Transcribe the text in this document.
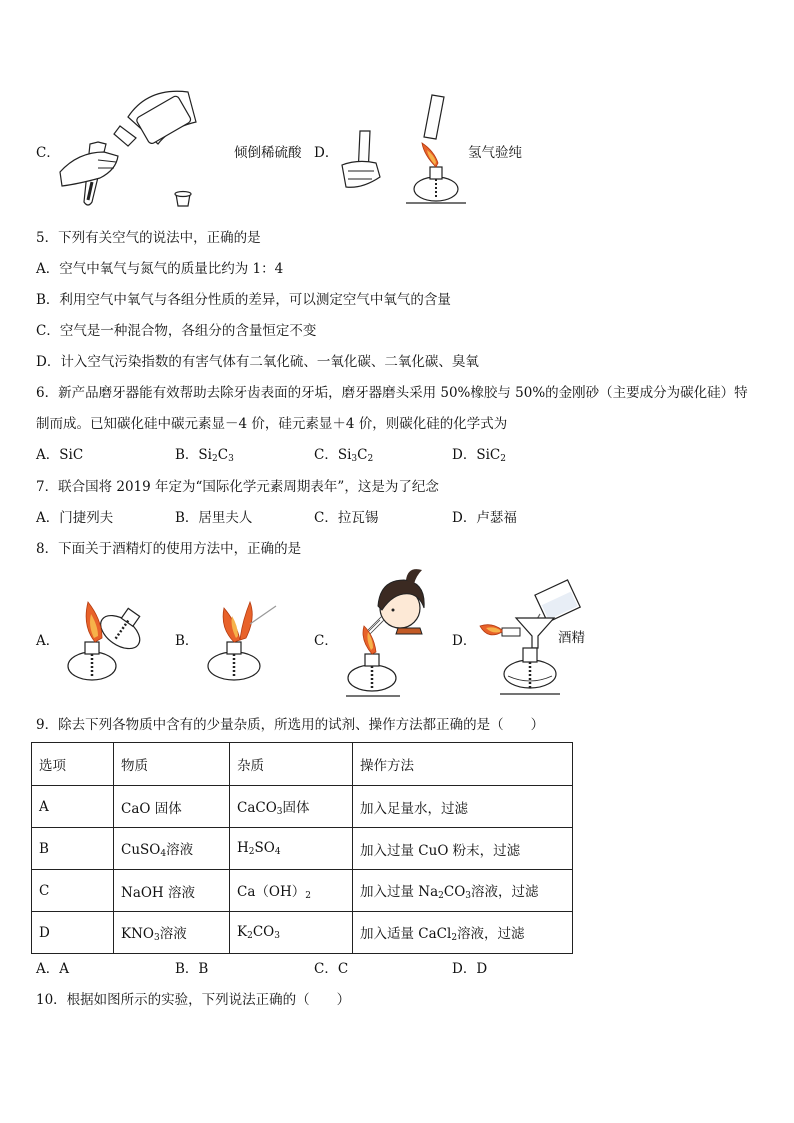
C．	倾倒稀硫酸 D．	氢气验纯
5．下列有关空气的说法中，正确的是
A．空气中氧气与氮气的质量比约为 1：4
B．利用空气中氧气与各组分性质的差异，可以测定空气中氧气的含量
C．空气是一种混合物，各组分的含量恒定不变
D．计入空气污染指数的有害气体有二氧化硫、一氧化碳、二氧化碳、臭氧
6．新产品磨牙器能有效帮助去除牙齿表面的牙垢，磨牙器磨头采用 50%橡胶与 50%的金刚砂（主要成分为碳化硅）特
制而成。已知碳化硅中碳元素显－4 价，硅元素显＋4 价，则碳化硅的化学式为
A．SiC	B．$Si_2C_3$	C．$Si_3C_2$	D．SiC$_2$
7．联合国将 2019 年定为“国际化学元素周期表年”，这是为了纪念
A．门捷列夫	B．居里夫人	C．拉瓦锡	D．卢瑟福
8．下面关于酒精灯的使用方法中，正确的是
A．	B．	C．	D．	酒精
9．除去下列各物质中含有的少量杂质，所选用的试剂、操作方法都正确的是（　　）
选项	物质	杂质	操作方法
A	CaO 固体	CaCO$_3$固体	加入足量水，过滤
B	CuSO$_4$溶液	$H_2SO_4$	加入过量 CuO 粉末，过滤
C	NaOH 溶液	$Ca(OH)_2$	加入过量 $Na_2CO_3$溶液，过滤
D	$KNO_3$溶液	$K_2CO_3$	加入适量 CaCl$_2$溶液，过滤
A．A	B．B	C．C	D．D
10．根据如图所示的实验，下列说法正确的（　　）
